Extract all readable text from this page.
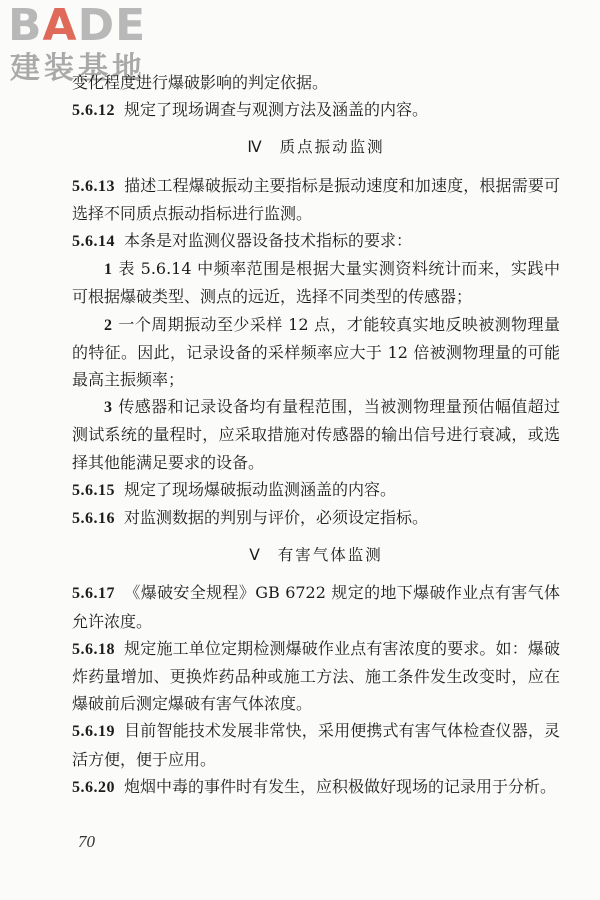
BADE
建装基地

变化程度进行爆破影响的判定依据。

5.6.12 规定了现场调查与观测方法及涵盖的内容。

Ⅳ 质点振动监测

5.6.13 描述工程爆破振动主要指标是振动速度和加速度，根据需要可选择不同质点振动指标进行监测。

5.6.14 本条是对监测仪器设备技术指标的要求：

1 表 5.6.14 中频率范围是根据大量实测资料统计而来，实践中可根据爆破类型、测点的远近，选择不同类型的传感器；

2 一个周期振动至少采样 12 点，才能较真实地反映被测物理量的特征。因此，记录设备的采样频率应大于 12 倍被测物理量的可能最高主振频率；

3 传感器和记录设备均有量程范围，当被测物理量预估幅值超过测试系统的量程时，应采取措施对传感器的输出信号进行衰减，或选择其他能满足要求的设备。

5.6.15 规定了现场爆破振动监测涵盖的内容。

5.6.16 对监测数据的判别与评价，必须设定指标。

Ⅴ 有害气体监测

5.6.17 《爆破安全规程》GB 6722 规定的地下爆破作业点有害气体允许浓度。

5.6.18 规定施工单位定期检测爆破作业点有害浓度的要求。如：爆破炸药量增加、更换炸药品种或施工方法、施工条件发生改变时，应在爆破前后测定爆破有害气体浓度。

5.6.19 目前智能技术发展非常快，采用便携式有害气体检查仪器，灵活方便，便于应用。

5.6.20 炮烟中毒的事件时有发生，应积极做好现场的记录用于分析。

70
